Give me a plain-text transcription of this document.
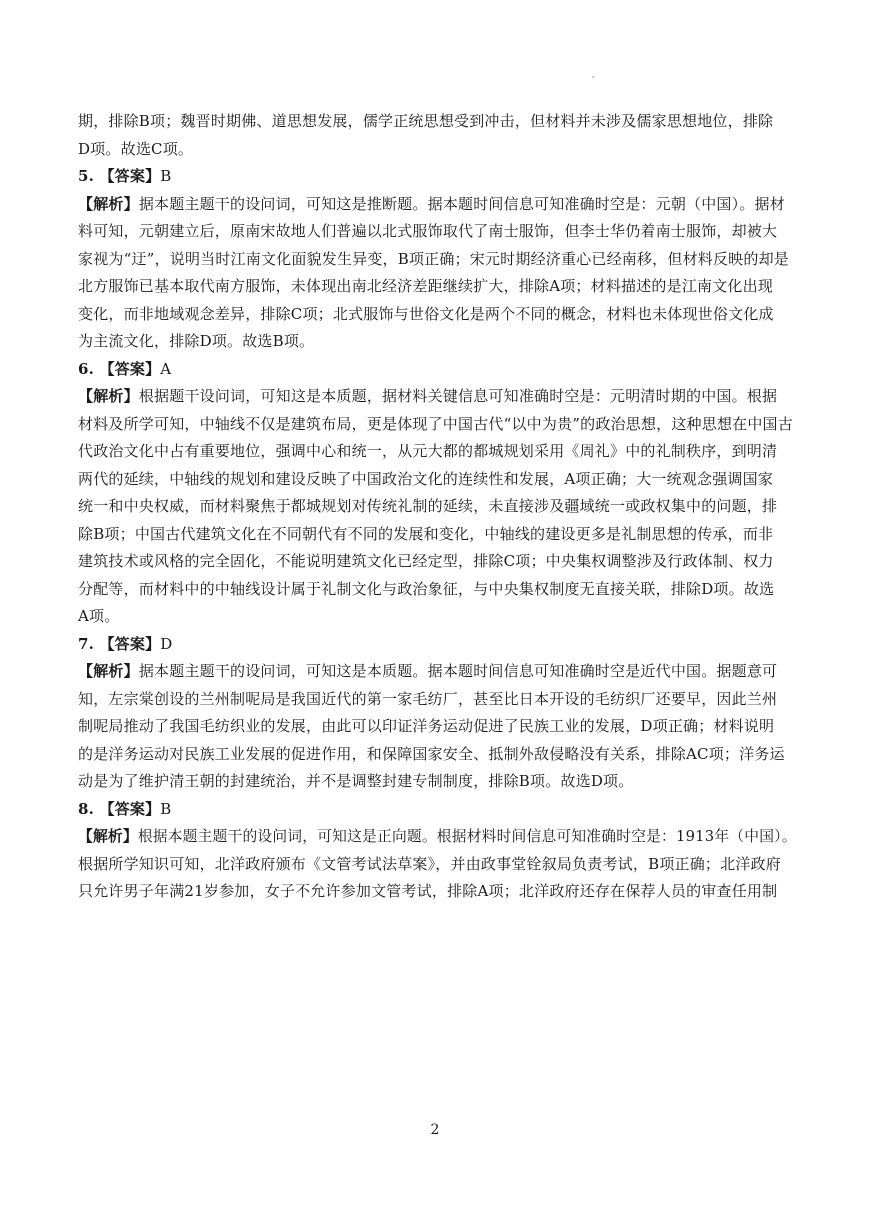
期，排除B项；魏晋时期佛、道思想发展，儒学正统思想受到冲击，但材料并未涉及儒家思想地位，排除
D项。故选C项。
5. 【答案】B
【解析】据本题主题干的设问词，可知这是推断题。据本题时间信息可知准确时空是：元朝（中国）。据材
料可知，元朝建立后，原南宋故地人们普遍以北式服饰取代了南士服饰，但李士华仍着南士服饰，却被大
家视为“迂”，说明当时江南文化面貌发生异变，B项正确；宋元时期经济重心已经南移，但材料反映的却是
北方服饰已基本取代南方服饰，未体现出南北经济差距继续扩大，排除A项；材料描述的是江南文化出现
变化，而非地域观念差异，排除C项；北式服饰与世俗文化是两个不同的概念，材料也未体现世俗文化成
为主流文化，排除D项。故选B项。
6. 【答案】A
【解析】根据题干设问词，可知这是本质题，据材料关键信息可知准确时空是：元明清时期的中国。根据
材料及所学可知，中轴线不仅是建筑布局，更是体现了中国古代“以中为贵”的政治思想，这种思想在中国古
代政治文化中占有重要地位，强调中心和统一，从元大都的都城规划采用《周礼》中的礼制秩序，到明清
两代的延续，中轴线的规划和建设反映了中国政治文化的连续性和发展，A项正确；大一统观念强调国家
统一和中央权威，而材料聚焦于都城规划对传统礼制的延续，未直接涉及疆域统一或政权集中的问题，排
除B项；中国古代建筑文化在不同朝代有不同的发展和变化，中轴线的建设更多是礼制思想的传承，而非
建筑技术或风格的完全固化，不能说明建筑文化已经定型，排除C项；中央集权调整涉及行政体制、权力
分配等，而材料中的中轴线设计属于礼制文化与政治象征，与中央集权制度无直接关联，排除D项。故选
A项。
7. 【答案】D
【解析】据本题主题干的设问词，可知这是本质题。据本题时间信息可知准确时空是近代中国。据题意可
知，左宗棠创设的兰州制呢局是我国近代的第一家毛纺厂，甚至比日本开设的毛纺织厂还要早，因此兰州
制呢局推动了我国毛纺织业的发展，由此可以印证洋务运动促进了民族工业的发展，D项正确；材料说明
的是洋务运动对民族工业发展的促进作用，和保障国家安全、抵制外敌侵略没有关系，排除AC项；洋务运
动是为了维护清王朝的封建统治，并不是调整封建专制制度，排除B项。故选D项。
8. 【答案】B
【解析】根据本题主题干的设问词，可知这是正向题。根据材料时间信息可知准确时空是：1913年（中国）。
根据所学知识可知，北洋政府颁布《文管考试法草案》，并由政事堂铨叙局负责考试，B项正确；北洋政府
只允许男子年满21岁参加，女子不允许参加文管考试，排除A项；北洋政府还存在保荐人员的审查任用制
2
